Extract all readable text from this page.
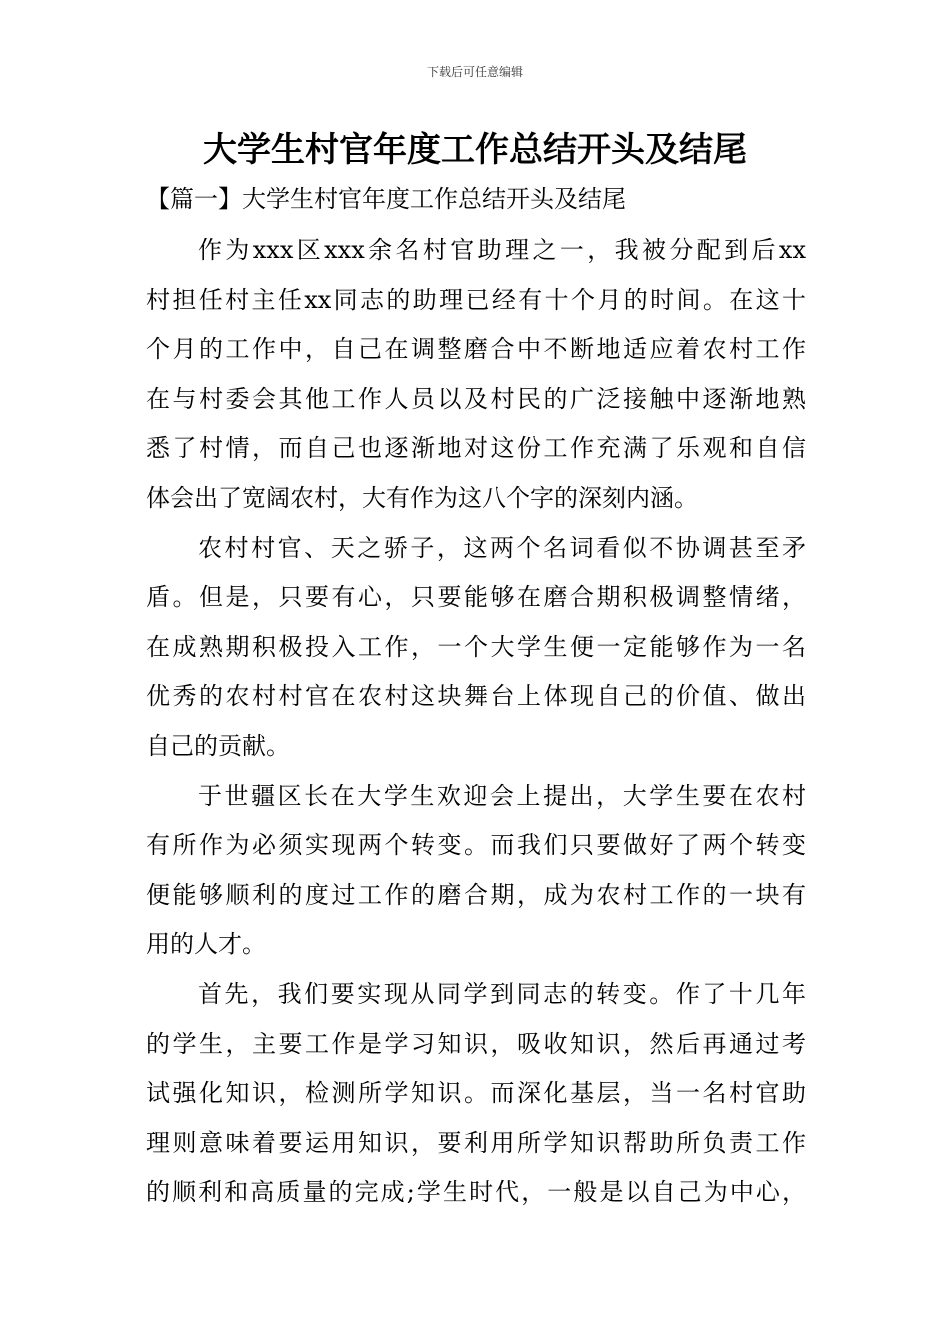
下载后可任意编辑
大学生村官年度工作总结开头及结尾
【篇一】大学生村官年度工作总结开头及结尾
作为xxx区xxx余名村官助理之一，我被分配到后xx
村担任村主任xx同志的助理已经有十个月的时间。在这十
个月的工作中，自己在调整磨合中不断地适应着农村工作
在与村委会其他工作人员以及村民的广泛接触中逐渐地熟
悉了村情，而自己也逐渐地对这份工作充满了乐观和自信
体会出了宽阔农村，大有作为这八个字的深刻内涵。
农村村官、天之骄子，这两个名词看似不协调甚至矛
盾。但是，只要有心，只要能够在磨合期积极调整情绪，
在成熟期积极投入工作，一个大学生便一定能够作为一名
优秀的农村村官在农村这块舞台上体现自己的价值、做出
自己的贡献。
于世疆区长在大学生欢迎会上提出，大学生要在农村
有所作为必须实现两个转变。而我们只要做好了两个转变
便能够顺利的度过工作的磨合期，成为农村工作的一块有
用的人才。
首先，我们要实现从同学到同志的转变。作了十几年
的学生，主要工作是学习知识，吸收知识，然后再通过考
试强化知识，检测所学知识。而深化基层，当一名村官助
理则意味着要运用知识，要利用所学知识帮助所负责工作
的顺利和高质量的完成;学生时代，一般是以自己为中心，
